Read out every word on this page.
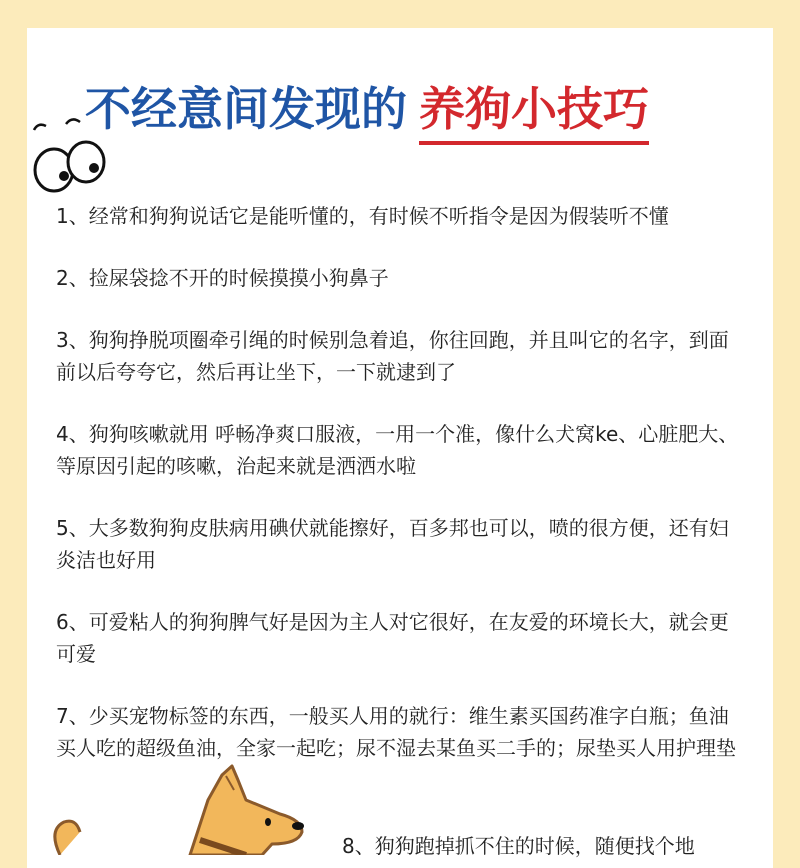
不经意间发现的 养狗小技巧

1、经常和狗狗说话它是能听懂的，有时候不听指令是因为假装听不懂

2、捡屎袋捻不开的时候摸摸小狗鼻子

3、狗狗挣脱项圈牵引绳的时候别急着追，你往回跑，并且叫它的名字，到面前以后夸夸它，然后再让坐下，一下就逮到了

4、狗狗咳嗽就用 呼畅净爽口服液，一用一个准，像什么犬窝ke、心脏肥大、等原因引起的咳嗽，治起来就是洒洒水啦

5、大多数狗狗皮肤病用碘伏就能擦好，百多邦也可以，喷的很方便，还有妇炎洁也好用

6、可爱粘人的狗狗脾气好是因为主人对它很好，在友爱的环境长大，就会更可爱

7、少买宠物标签的东西，一般买人用的就行：维生素买国药准字白瓶；鱼油买人吃的超级鱼油，全家一起吃；尿不湿去某鱼买二手的；尿垫买人用护理垫

8、狗狗跑掉抓不住的时候，随便找个地
